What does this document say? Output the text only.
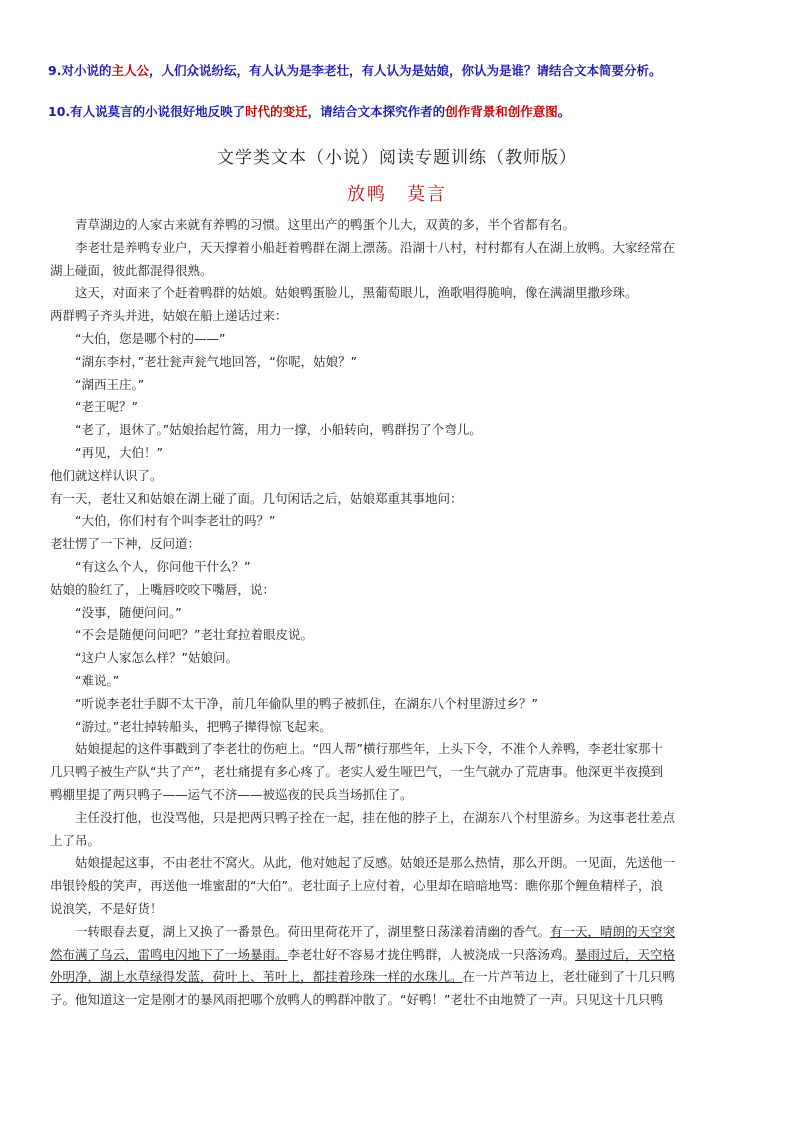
9.对小说的主人公，人们众说纷纭，有人认为是李老壮，有人认为是姑娘，你认为是谁？请结合文本简要分析。
10.有人说莫言的小说很好地反映了时代的变迁，请结合文本探究作者的创作背景和创作意图。
文学类文本（小说）阅读专题训练（教师版）
放鸭 莫言
青草湖边的人家古来就有养鸭的习惯。这里出产的鸭蛋个儿大，双黄的多，半个省都有名。
李老壮是养鸭专业户，天天撑着小船赶着鸭群在湖上漂荡。沿湖十八村，村村都有人在湖上放鸭。大家经常在
湖上碰面，彼此都混得很熟。
这天，对面来了个赶着鸭群的姑娘。姑娘鸭蛋脸儿，黑葡萄眼儿，渔歌唱得脆响，像在满湖里撒珍珠。
两群鸭子齐头并进，姑娘在船上递话过来：
“大伯，您是哪个村的——”
“湖东李村，”老壮瓮声瓮气地回答，“你呢，姑娘？”
“湖西王庄。”
“老王呢？”
“老了，退休了。”姑娘抬起竹篙，用力一撑，小船转向，鸭群拐了个弯儿。
“再见，大伯！”
他们就这样认识了。
有一天，老壮又和姑娘在湖上碰了面。几句闲话之后，姑娘郑重其事地问：
“大伯，你们村有个叫李老壮的吗？”
老壮愣了一下神，反问道：
“有这么个人，你问他干什么？”
姑娘的脸红了，上嘴唇咬咬下嘴唇，说：
“没事，随便问问。”
“不会是随便问问吧？”老壮耷拉着眼皮说。
“这户人家怎么样？”姑娘问。
“难说。”
“听说李老壮手脚不太干净，前几年偷队里的鸭子被抓住，在湖东八个村里游过乡？”
“游过。”老壮掉转船头，把鸭子撵得惊飞起来。
姑娘提起的这件事戳到了李老壮的伤疤上。“四人帮”横行那些年，上头下令，不准个人养鸭，李老壮家那十
几只鸭子被生产队“共了产”，老壮痛提有多心疼了。老实人爱生哑巴气，一生气就办了荒唐事。他深更半夜摸到
鸭棚里提了两只鸭子——运气不济——被巡夜的民兵当场抓住了。
主任没打他，也没骂他，只是把两只鸭子拴在一起，挂在他的脖子上，在湖东八个村里游乡。为这事老壮差点
上了吊。
姑娘提起这事，不由老壮不窝火。从此，他对她起了反感。姑娘还是那么热情，那么开朗。一见面，先送他一
串银铃般的笑声，再送他一堆蜜甜的“大伯”。老壮面子上应付着，心里却在暗暗地骂：瞧你那个鲤鱼精样子，浪
说浪笑，不是好货！
一转眼春去夏，湖上又换了一番景色。荷田里荷花开了，湖里整日荡漾着清幽的香气。有一天，晴朗的天空突
然布满了乌云，雷鸣电闪地下了一场暴雨。李老壮好不容易才拢住鸭群，人被浇成一只落汤鸡。暴雨过后，天空格
外明净，湖上水草绿得发蓝，荷叶上、苇叶上，都挂着珍珠一样的水珠儿。在一片芦苇边上，老壮碰到了十几只鸭
子。他知道这一定是刚才的暴风雨把哪个放鸭人的鸭群冲散了。“好鸭！”老壮不由地赞了一声。只见这十几只鸭
